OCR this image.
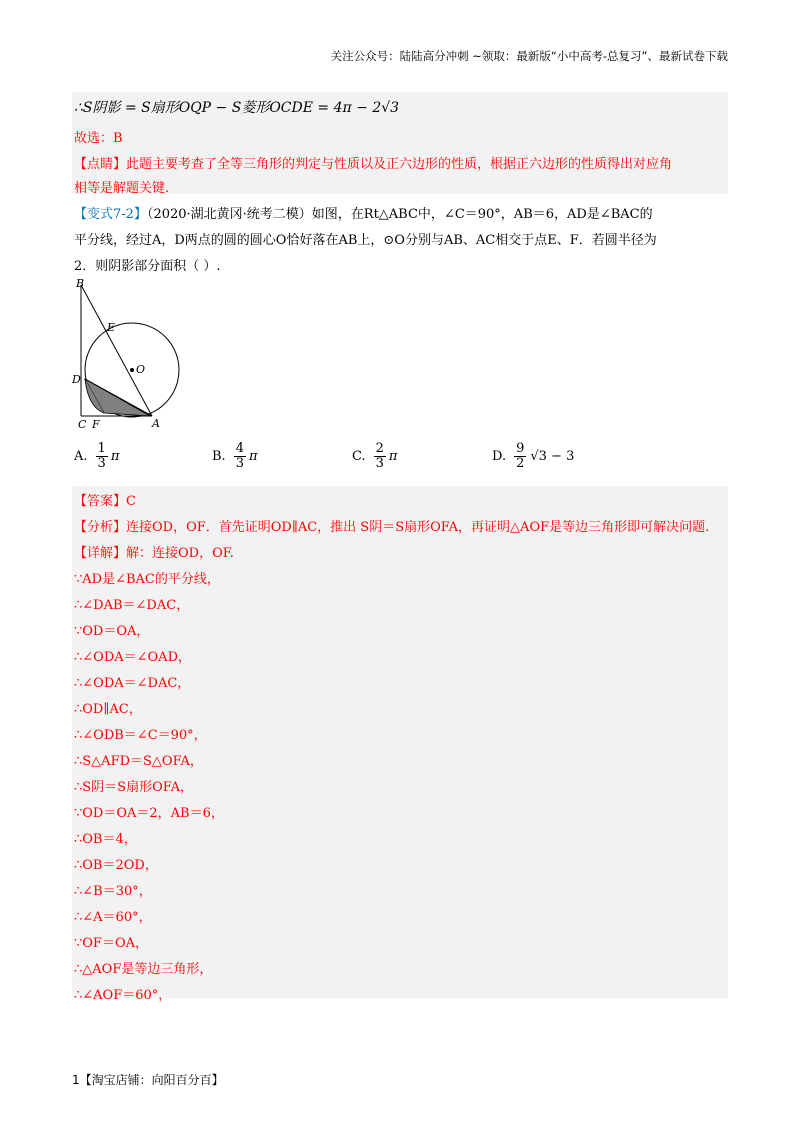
关注公众号：陆陆高分冲刺 ~领取：最新版“小中高考-总复习”、最新试卷下载
∴S阴影 = S扇形OQP − S菱形OCDE = 4π − 2√3
故选：B
【点睛】此题主要考查了全等三角形的判定与性质以及正六边形的性质，根据正六边形的性质得出对应角
相等是解题关键.
【变式7-2】（2020·湖北黄冈·统考二模）如图，在Rt△ABC中，∠C＝90°，AB＝6，AD是∠BAC的
平分线，经过A，D两点的圆的圆心O恰好落在AB上，⊙O分别与AB、AC相交于点E、F．若圆半径为
2．则阴影部分面积（ ）.
B
E
O
D
C F	A
A. $\frac{1}{3}$ π	B. $\frac{4}{3}$ π	C. $\frac{2}{3}$ π	D. $\frac{9}{2} √3 - 3$
【答案】C
【分析】连接OD，OF．首先证明OD∥AC，推出 S阴＝S扇形OFA，再证明△AOF是等边三角形即可解决问题.
【详解】解：连接OD，OF.
∵AD是∠BAC的平分线，
∴∠DAB＝∠DAC，
∵OD＝OA，
∴∠ODA＝∠OAD，
∴∠ODA＝∠DAC，
∴OD∥AC，
∴∠ODB＝∠C＝90°，
∴S△AFD＝S△OFA，
∴S阴＝S扇形OFA，
∵OD＝OA＝2，AB＝6，
∴OB＝4，
∴OB＝2OD，
∴∠B＝30°，
∴∠A＝60°，
∵OF＝OA，
∴△AOF是等边三角形，
∴∠AOF＝60°，
1【淘宝店铺：向阳百分百】
